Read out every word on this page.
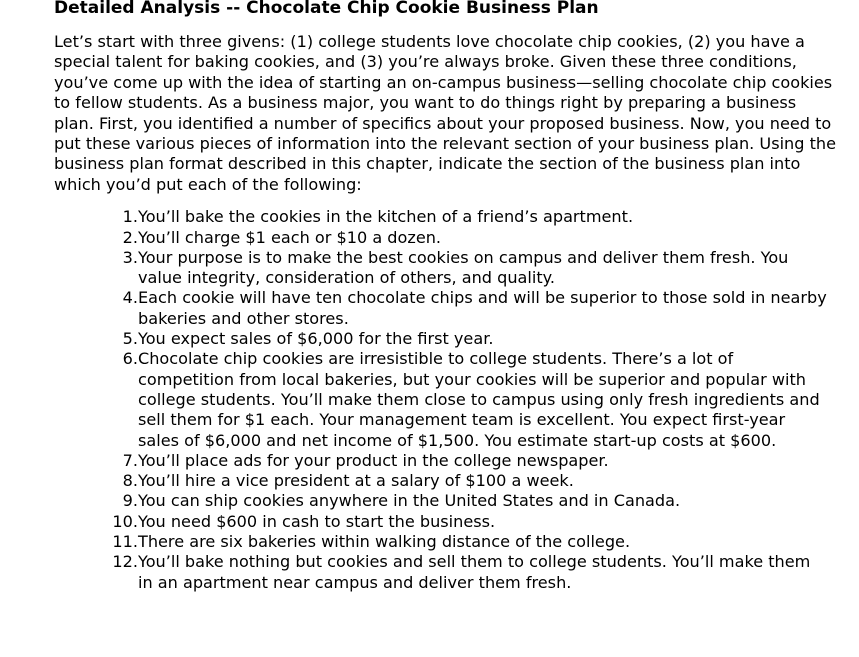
Detailed Analysis -- Chocolate Chip Cookie Business Plan

Let’s start with three givens: (1) college students love chocolate chip cookies, (2) you have a special talent for baking cookies, and (3) you’re always broke. Given these three conditions, you’ve come up with the idea of starting an on-campus business—selling chocolate chip cookies to fellow students. As a business major, you want to do things right by preparing a business plan. First, you identified a number of specifics about your proposed business. Now, you need to put these various pieces of information into the relevant section of your business plan. Using the business plan format described in this chapter, indicate the section of the business plan into which you’d put each of the following:

1. You’ll bake the cookies in the kitchen of a friend’s apartment.
2. You’ll charge $1 each or $10 a dozen.
3. Your purpose is to make the best cookies on campus and deliver them fresh. You value integrity, consideration of others, and quality.
4. Each cookie will have ten chocolate chips and will be superior to those sold in nearby bakeries and other stores.
5. You expect sales of $6,000 for the first year.
6. Chocolate chip cookies are irresistible to college students. There’s a lot of competition from local bakeries, but your cookies will be superior and popular with college students. You’ll make them close to campus using only fresh ingredients and sell them for $1 each. Your management team is excellent. You expect first-year sales of $6,000 and net income of $1,500. You estimate start-up costs at $600.
7. You’ll place ads for your product in the college newspaper.
8. You’ll hire a vice president at a salary of $100 a week.
9. You can ship cookies anywhere in the United States and in Canada.
10. You need $600 in cash to start the business.
11. There are six bakeries within walking distance of the college.
12. You’ll bake nothing but cookies and sell them to college students. You’ll make them in an apartment near campus and deliver them fresh.
